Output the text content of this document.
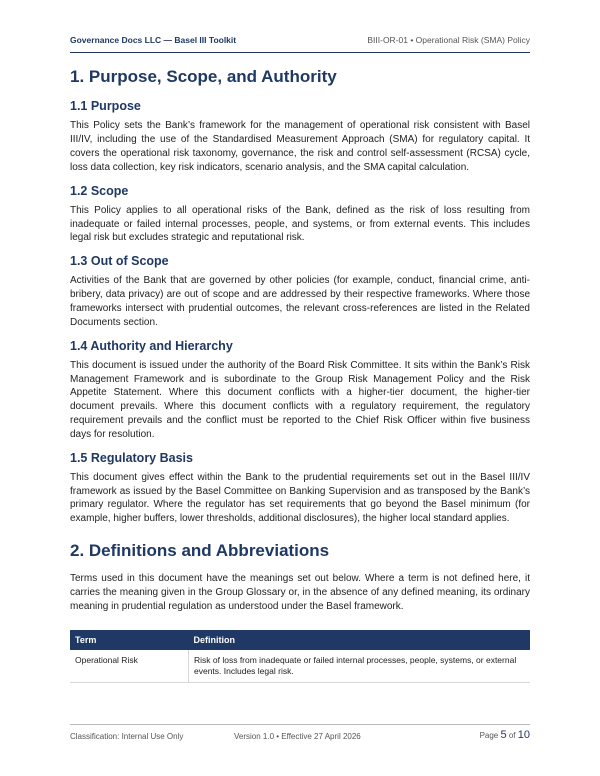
Governance Docs LLC — Basel III Toolkit	BIII-OR-01 • Operational Risk (SMA) Policy
1. Purpose, Scope, and Authority
1.1 Purpose

This Policy sets the Bank’s framework for the management of operational risk consistent with Basel III/IV, including the use of the Standardised Measurement Approach (SMA) for regulatory capital. It covers the operational risk taxonomy, governance, the risk and control self-assessment (RCSA) cycle, loss data collection, key risk indicators, scenario analysis, and the SMA capital calculation.

1.2 Scope

This Policy applies to all operational risks of the Bank, defined as the risk of loss resulting from inadequate or failed internal processes, people, and systems, or from external events. This includes legal risk but excludes strategic and reputational risk.

1.3 Out of Scope

Activities of the Bank that are governed by other policies (for example, conduct, financial crime, anti-bribery, data privacy) are out of scope and are addressed by their respective frameworks. Where those frameworks intersect with prudential outcomes, the relevant cross-references are listed in the Related Documents section.

1.4 Authority and Hierarchy

This document is issued under the authority of the Board Risk Committee. It sits within the Bank’s Risk Management Framework and is subordinate to the Group Risk Management Policy and the Risk Appetite Statement. Where this document conflicts with a higher-tier document, the higher-tier document prevails. Where this document conflicts with a regulatory requirement, the regulatory requirement prevails and the conflict must be reported to the Chief Risk Officer within five business days for resolution.

1.5 Regulatory Basis

This document gives effect within the Bank to the prudential requirements set out in the Basel III/IV framework as issued by the Basel Committee on Banking Supervision and as transposed by the Bank’s primary regulator. Where the regulator has set requirements that go beyond the Basel minimum (for example, higher buffers, lower thresholds, additional disclosures), the higher local standard applies.

2. Definitions and Abbreviations

Terms used in this document have the meanings set out below. Where a term is not defined here, it carries the meaning given in the Group Glossary or, in the absence of any defined meaning, its ordinary meaning in prudential regulation as understood under the Basel framework.

Term	Definition
Operational Risk	Risk of loss from inadequate or failed internal processes, people, systems, or external events. Includes legal risk.
Classification: Internal Use Only	Version 1.0 • Effective 27 April 2026	Page 5 of 10
